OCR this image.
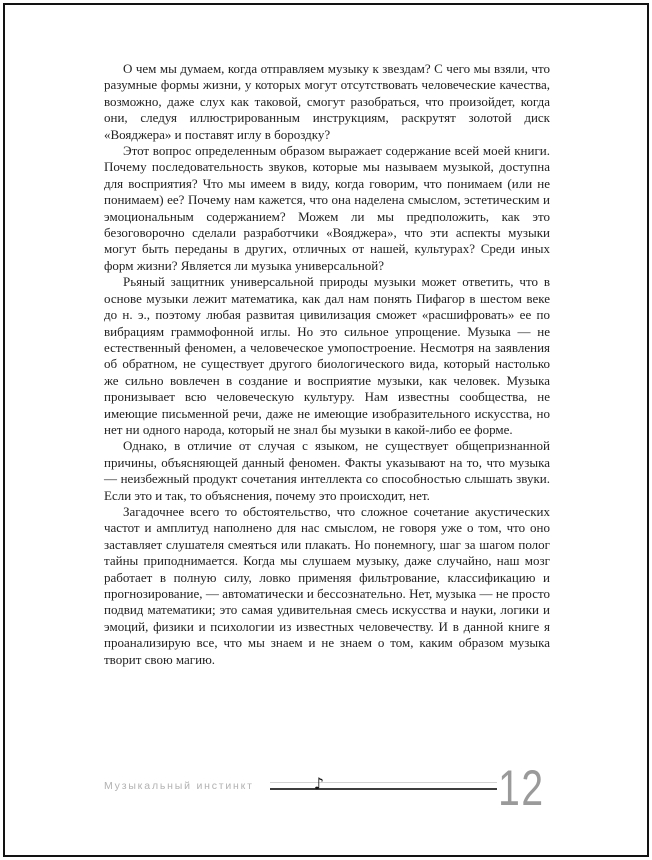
О чем мы думаем, когда отправляем музыку к звездам? С чего мы взяли, что разумные формы жизни, у которых могут отсутствовать человеческие качества, возможно, даже слух как таковой, смогут разобраться, что произойдет, когда они, следуя иллюстрированным инструкциям, раскрутят золотой диск «Вояджера» и поставят иглу в бороздку?

Этот вопрос определенным образом выражает содержание всей моей книги. Почему последовательность звуков, которые мы называем музыкой, доступна для восприятия? Что мы имеем в виду, когда говорим, что понимаем (или не понимаем) ее? Почему нам кажется, что она наделена смыслом, эстетическим и эмоциональным содержанием? Можем ли мы предположить, как это безоговорочно сделали разработчики «Вояджера», что эти аспекты музыки могут быть переданы в других, отличных от нашей, культурах? Среди иных форм жизни? Является ли музыка универсальной?

Рьяный защитник универсальной природы музыки может ответить, что в основе музыки лежит математика, как дал нам понять Пифагор в шестом веке до н. э., поэтому любая развитая цивилизация сможет «расшифровать» ее по вибрациям граммофонной иглы. Но это сильное упрощение. Музыка — не естественный феномен, а человеческое умопостроение. Несмотря на заявления об обратном, не существует другого биологического вида, который настолько же сильно вовлечен в создание и восприятие музыки, как человек. Музыка пронизывает всю человеческую культуру. Нам известны сообщества, не имеющие письменной речи, даже не имеющие изобразительного искусства, но нет ни одного народа, который не знал бы музыки в какой-либо ее форме.

Однако, в отличие от случая с языком, не существует общепризнанной причины, объясняющей данный феномен. Факты указывают на то, что музыка — неизбежный продукт сочетания интеллекта со способностью слышать звуки. Если это и так, то объяснения, почему это происходит, нет.

Загадочнее всего то обстоятельство, что сложное сочетание акустических частот и амплитуд наполнено для нас смыслом, не говоря уже о том, что оно заставляет слушателя смеяться или плакать. Но понемногу, шаг за шагом полог тайны приподнимается. Когда мы слушаем музыку, даже случайно, наш мозг работает в полную силу, ловко применяя фильтрование, классификацию и прогнозирование, — автоматически и бессознательно. Нет, музыка — не просто подвид математики; это самая удивительная смесь искусства и науки, логики и эмоций, физики и психологии из известных человечеству. И в данной книге я проанализирую все, что мы знаем и не знаем о том, каким образом музыка творит свою магию.

Музыкальный инстинкт	♪	12
